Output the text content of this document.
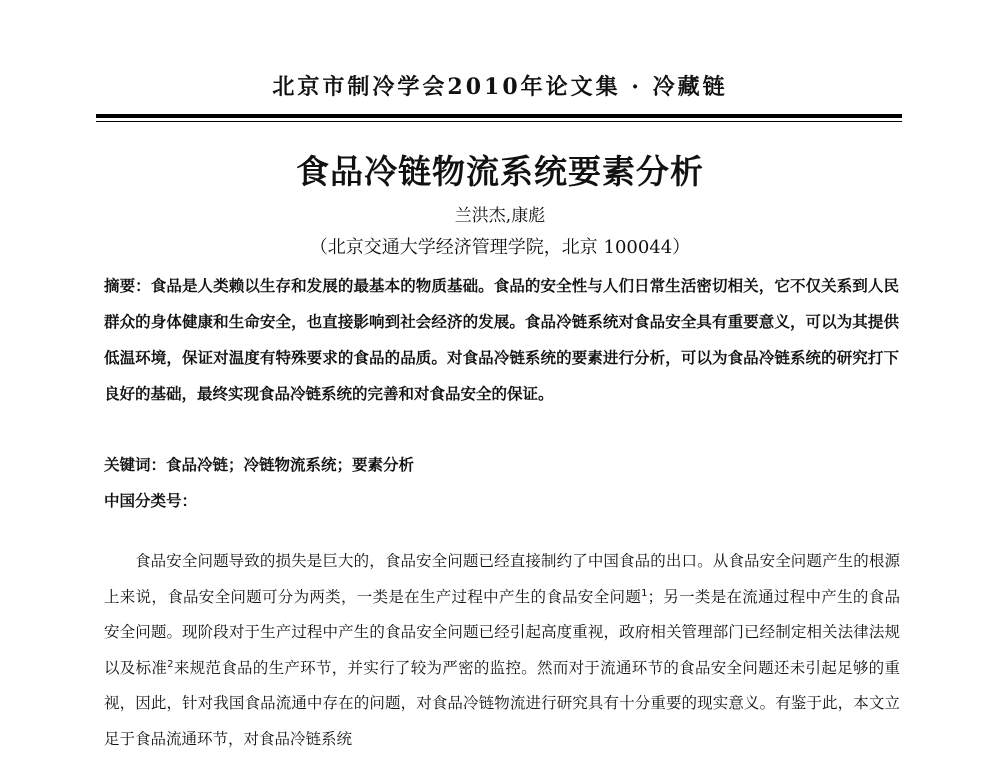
北京市制冷学会2010年论文集 · 冷藏链
食品冷链物流系统要素分析
兰洪杰,康彪
（北京交通大学经济管理学院，北京 100044）
摘要：食品是人类赖以生存和发展的最基本的物质基础。食品的安全性与人们日常生活密切相关，它不仅关系到人民群众的身体健康和生命安全，也直接影响到社会经济的发展。食品冷链系统对食品安全具有重要意义，可以为其提供低温环境，保证对温度有特殊要求的食品的品质。对食品冷链系统的要素进行分析，可以为食品冷链系统的研究打下良好的基础，最终实现食品冷链系统的完善和对食品安全的保证。
关键词：食品冷链；冷链物流系统；要素分析
中国分类号：
食品安全问题导致的损失是巨大的，食品安全问题已经直接制约了中国食品的出口。从食品安全问题产生的根源上来说，食品安全问题可分为两类，一类是在生产过程中产生的食品安全问题$^1$；另一类是在流通过程中产生的食品安全问题。现阶段对于生产过程中产生的食品安全问题已经引起高度重视，政府相关管理部门已经制定相关法律法规以及标准$^2$来规范食品的生产环节，并实行了较为严密的监控。然而对于流通环节的食品安全问题还未引起足够的重视，因此，针对我国食品流通中存在的问题，对食品冷链物流进行研究具有十分重要的现实意义。有鉴于此，本文立足于食品流通环节，对食品冷链系统
